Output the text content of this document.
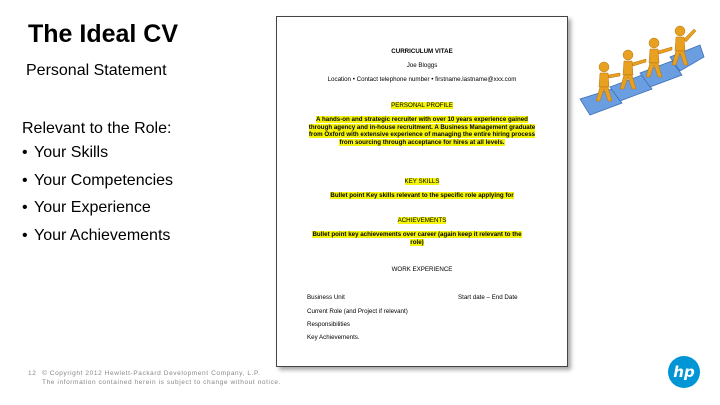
The Ideal CV
Personal Statement
Relevant to the Role:
• Your Skills
• Your Competencies
• Your Experience
• Your Achievements
CURRICULUM VITAE
Joe Bloggs
Location • Contact telephone number • firstname.lastname@xxx.com
PERSONAL PROFILE
A hands-on and strategic recruiter with over 10 years experience gained through agency and in-house recruitment. A Business Management graduate from Oxford with extensive experience of managing the entire hiring process from sourcing through acceptance for hires at all levels.
KEY SKILLS
Bullet point Key skills relevant to the specific role applying for
ACHIEVEMENTS
Bullet point key achievements over career (again keep it relevant to the role)
WORK EXPERIENCE
Business Unit	Start date – End Date
Current Role (and Project if relevant)
Responsibilities
Key Achievements.
12 © Copyright 2012 Hewlett-Packard Development Company, L.P.
The information contained herein is subject to change without notice.
hp
